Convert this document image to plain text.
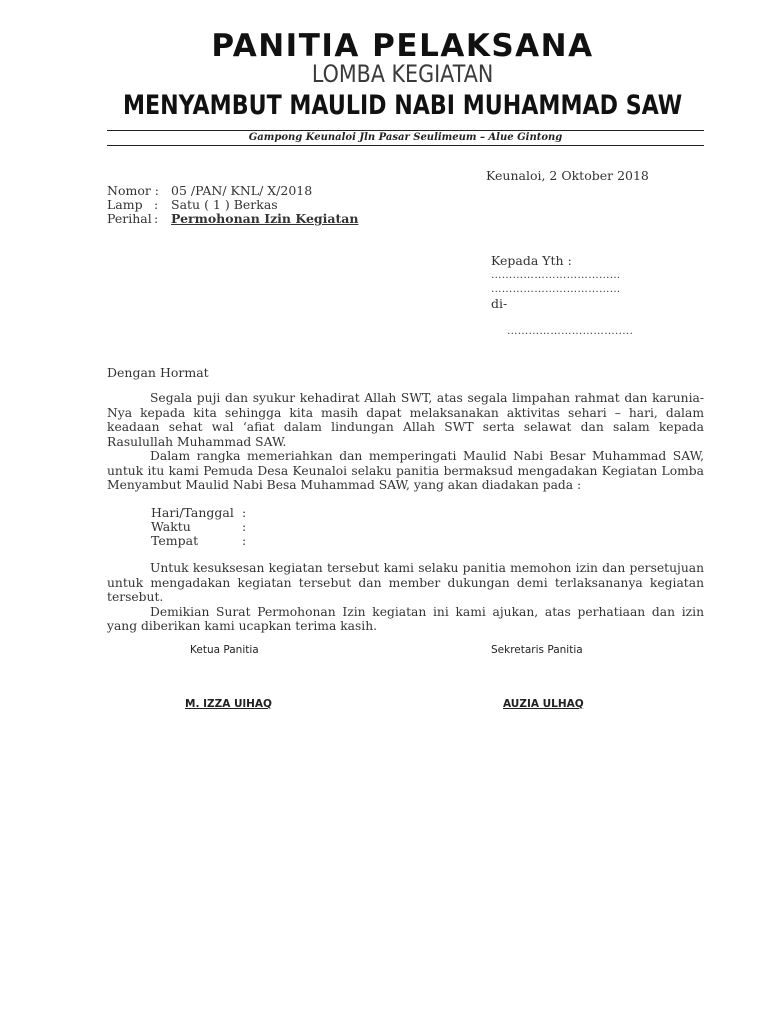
PANITIA PELAKSANA
LOMBA KEGIATAN
MENYAMBUT MAULID NABI MUHAMMAD SAW
Gampong Keunaloi Jln Pasar Seulimeum – Alue Gintong
Keunaloi, 2 Oktober 2018
Nomor : 05 /PAN/ KNL/ X/2018
Lamp : Satu ( 1 ) Berkas
Perihal : Permohonan Izin Kegiatan
Kepada Yth :
………………………………
………………………………
di-
………………………….....
Dengan Hormat

Segala puji dan syukur kehadirat Allah SWT, atas segala limpahan rahmat dan karunia-Nya kepada kita sehingga kita masih dapat melaksanakan aktivitas sehari – hari, dalam keadaan sehat wal ‘afiat dalam lindungan Allah SWT serta selawat dan salam kepada Rasulullah Muhammad SAW.

Dalam rangka memeriahkan dan memperingati Maulid Nabi Besar Muhammad SAW, untuk itu kami Pemuda Desa Keunaloi selaku panitia bermaksud mengadakan Kegiatan Lomba Menyambut Maulid Nabi Besa Muhammad SAW, yang akan diadakan pada :

Hari/Tanggal :
Waktu	:
Tempat	:

Untuk kesuksesan kegiatan tersebut kami selaku panitia memohon izin dan persetujuan untuk mengadakan kegiatan tersebut dan member dukungan demi terlaksananya kegiatan tersebut.

Demikian Surat Permohonan Izin kegiatan ini kami ajukan, atas perhatiaan dan izin yang diberikan kami ucapkan terima kasih.

Ketua Panitia	Sekretaris Panitia
M. IZZA UlHAQ	AUZIA ULHAQ
